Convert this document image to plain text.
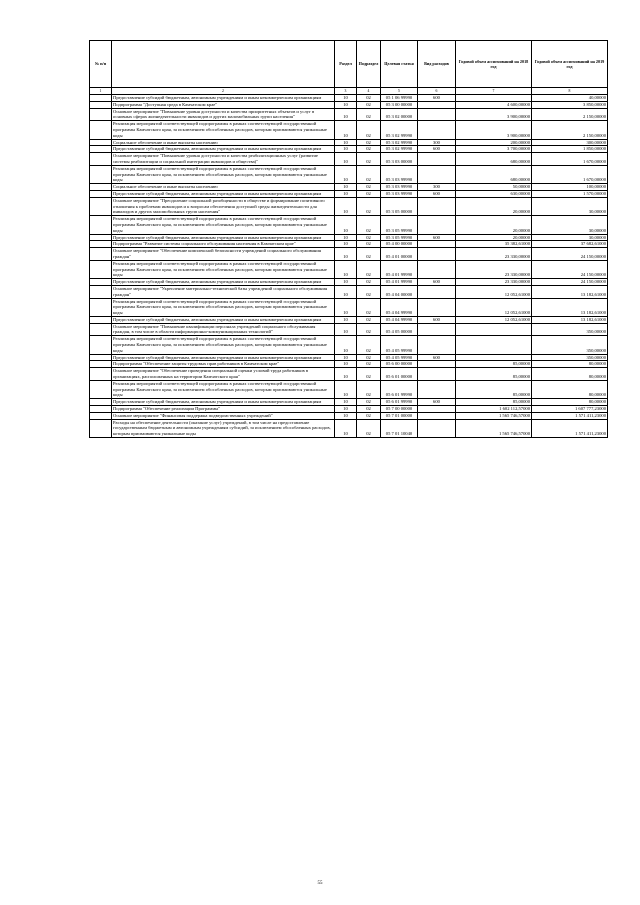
№ п/п		Раздел	Подраздел	Целевая статья	Вид расходов	Годовой объем ассигнований на 2018 год	Годовой объем ассигнований на 2019 год
1	2	3	4	5	6	7	8
	Предоставление субсидий бюджетным, автономным учреждениям и иным некоммерческим организациям	10	02	05 1 06 99990	600		40,00000
	Подпрограмма "Доступная среда в Камчатском крае"	10	02	05 3 00 00000		4 600,00000	3 850,00000
	Основное мероприятие "Повышение уровня доступности и качества приоритетных объектов и услуг в основных сферах жизнедеятельности инвалидов и других маломобильных групп населения"	10	02	05 3 02 00000		3 900,00000	2 150,00000
	Реализация мероприятий соответствующей подпрограммы в рамках соответствующей государственной программы Камчатского края, за исключением обособленных расходов, которым присваиваются уникальные коды	10	02	05 3 02 99990		3 900,00000	2 150,00000
	Социальное обеспечение и иные выплаты населению	10	02	05 3 02 99990	300	200,00000	300,00000
	Предоставление субсидий бюджетным, автономным учреждениям и иным некоммерческим организациям	10	02	05 3 02 99990	600	3 700,00000	1 850,00000
	Основное мероприятие "Повышение уровня доступности и качества реабилитационных услуг (развитие системы реабилитации и социальной интеграции инвалидов и общества)"	10	02	05 3 03 00000		680,00000	1 670,00000
	Реализация мероприятий соответствующей подпрограммы в рамках соответствующей государственной программы Камчатского края, за исключением обособленных расходов, которым присваиваются уникальные коды	10	02	05 3 03 99990		680,00000	1 670,00000
	Социальное обеспечение и иные выплаты населению	10	02	05 3 03 99990	300	50,00000	100,00000
	Предоставление субсидий бюджетным, автономным учреждениям и иным некоммерческим организациям	10	02	05 3 03 99990	600	630,00000	1 570,00000
	Основное мероприятие "Преодоление социальной разобщенности в обществе и формирование позитивного отношения к проблемам инвалидов и к вопросам обеспечения доступной среды жизнедеятельности для инвалидов и других маломобильных групп населения"	10	02	05 3 05 00000		20,00000	30,00000
	Реализация мероприятий соответствующей подпрограммы в рамках соответствующей государственной программы Камчатского края, за исключением обособленных расходов, которым присваиваются уникальные коды	10	02	05 3 05 99990		20,00000	30,00000
	Предоставление субсидий бюджетным, автономным учреждениям и иным некоммерческим организациям	10	02	05 3 05 99990	600	20,00000	30,00000
	Подпрограмма "Развитие системы социального обслуживания населения в Камчатском крае"	10	02	05 4 00 00000		35 382,61000	37 682,61000
	Основное мероприятие "Обеспечение комплексной безопасности учреждений социального обслуживания граждан"	10	02	05 4 01 00000		23 330,00000	24 150,00000
	Реализация мероприятий соответствующей подпрограммы в рамках соответствующей государственной программы Камчатского края, за исключением обособленных расходов, которым присваиваются уникальные коды	10	02	05 4 01 99990		23 330,00000	24 150,00000
	Предоставление субсидий бюджетным, автономным учреждениям и иным некоммерческим организациям	10	02	05 4 01 99990	600	23 330,00000	24 150,00000
	Основное мероприятие "Укрепление материально-технической базы учреждений социального обслуживания граждан"	10	02	05 4 04 00000		12 052,61000	13 182,61000
	Реализация мероприятий соответствующей подпрограммы в рамках соответствующей государственной программы Камчатского края, за исключением обособленных расходов, которым присваиваются уникальные коды	10	02	05 4 04 99990		12 052,61000	13 182,61000
	Предоставление субсидий бюджетным, автономным учреждениям и иным некоммерческим организациям	10	02	05 4 04 99990	600	12 052,61000	13 182,61000
	Основное мероприятие "Повышение квалификации персонала учреждений социального обслуживания граждан, в том числе в области информационно-коммуникационных технологий"	10	02	05 4 05 00000			350,00000
	Реализация мероприятий соответствующей подпрограммы в рамках соответствующей государственной программы Камчатского края, за исключением обособленных расходов, которым присваиваются уникальные коды	10	02	05 4 05 99990			350,00000
	Предоставление субсидий бюджетным, автономным учреждениям и иным некоммерческим организациям	10	02	05 4 05 99990	600		350,00000
	Подпрограмма "Обеспечение защиты трудовых прав работников в Камчатском крае"	10	02	05 6 00 00000		85,00000	80,00000
	Основное мероприятие "Обеспечение проведения специальной оценки условий труда работников в организациях, расположенных на территории Камчатского края"	10	02	05 6 01 00000		85,00000	80,00000
	Реализация мероприятий соответствующей подпрограммы в рамках соответствующей государственной программы Камчатского края, за исключением обособленных расходов, которым присваиваются уникальные коды	10	02	05 6 01 99990		85,00000	80,00000
	Предоставление субсидий бюджетным, автономным учреждениям и иным некоммерческим организациям	10	02	05 6 01 99990	600	85,00000	80,00000
	Подпрограмма "Обеспечение реализации Программы"	10	02	05 7 00 00000		1 602 112,57000	1 607 777,23000
	Основное мероприятие "Финансовая поддержка подведомственных учреждений"	10	02	05 7 01 00000		1 565 746,57000	1 571 411,23000
	Расходы на обеспечение деятельности (оказание услуг) учреждений, в том числе на предоставление государственным бюджетным и автономным учреждениям субсидий, за исключением обособленных расходов, которым присваиваются уникальные коды	10	02	05 7 01 10040		1 565 746,57000	1 571 411,23000
55
